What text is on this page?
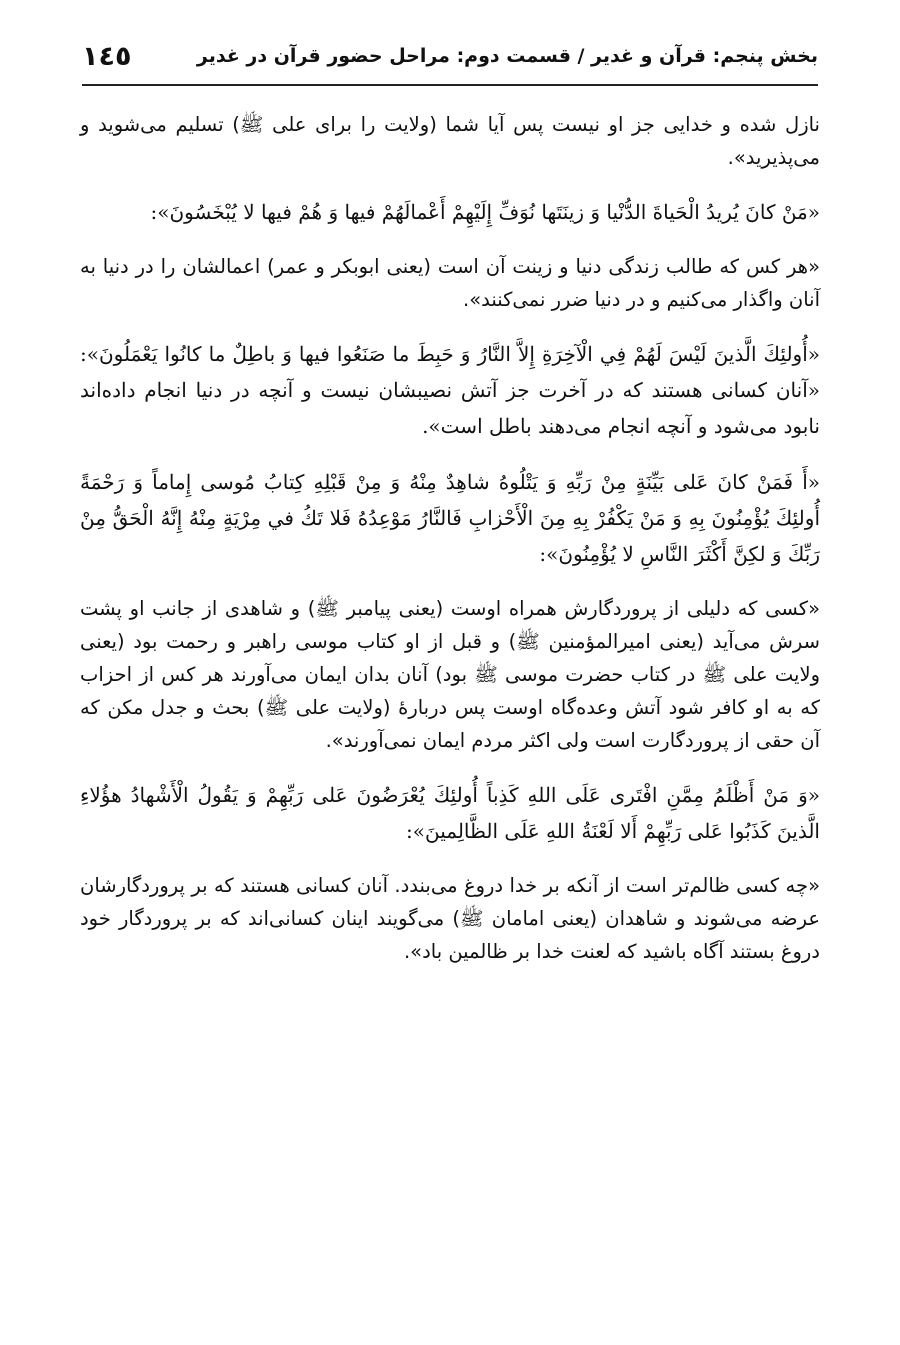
بخش پنجم: قرآن و غدیر / قسمت دوم: مراحل حضور قرآن در غدیر
١٤٥

نازل شده و خدایی جز او نیست پس آیا شما (ولایت را برای علی ﷺ) تسلیم می‌شوید و می‌پذیرید».

«مَنْ كانَ يُريدُ الْحَياةَ الدُّنْيا وَ زينَتَها نُوَفِّ إِلَيْهِمْ أَعْمالَهُمْ فيها وَ هُمْ فيها لا يُبْخَسُونَ»:

«هر کس که طالب زندگی دنیا و زینت آن است (یعنی ابوبکر و عمر) اعمالشان را در دنیا به آنان واگذار می‌کنیم و در دنیا ضرر نمی‌کنند».

«أُولئِكَ الَّذينَ لَيْسَ لَهُمْ فِي الْآخِرَةِ إِلاَّ النَّارُ وَ حَبِطَ ما صَنَعُوا فيها وَ باطِلٌ ما كانُوا يَعْمَلُونَ»: «آنان کسانی هستند که در آخرت جز آتش نصیبشان نیست و آنچه در دنیا انجام داده‌اند نابود می‌شود و آنچه انجام می‌دهند باطل است».

«أَ فَمَنْ كانَ عَلى بَيِّنَةٍ مِنْ رَبِّهِ وَ يَتْلُوهُ شاهِدٌ مِنْهُ وَ مِنْ قَبْلِهِ كِتابُ مُوسى إِماماً وَ رَحْمَةً أُولئِكَ يُؤْمِنُونَ بِهِ وَ مَنْ يَكْفُرْ بِهِ مِنَ الْأَحْزابِ فَالنَّارُ مَوْعِدُهُ فَلا تَكُ في مِرْيَةٍ مِنْهُ إِنَّهُ الْحَقُّ مِنْ رَبِّكَ وَ لكِنَّ أَكْثَرَ النَّاسِ لا يُؤْمِنُونَ»:

«کسی که دلیلی از پروردگارش همراه اوست (یعنی پیامبر ﷺ) و شاهدی از جانب او پشت سرش می‌آید (یعنی امیرالمؤمنین ﷺ) و قبل از او کتاب موسی راهبر و رحمت بود (یعنی ولایت علی ﷺ در کتاب حضرت موسی ﷺ بود) آنان بدان ایمان می‌آورند هر کس از احزاب که به او کافر شود آتش وعده‌گاه اوست پس دربارهٔ (ولایت علی ﷺ) بحث و جدل مکن که آن حقی از پروردگارت است ولی اکثر مردم ایمان نمی‌آورند».

«وَ مَنْ أَظْلَمُ مِمَّنِ افْتَرى عَلَى اللهِ كَذِباً أُولئِكَ يُعْرَضُونَ عَلى رَبِّهِمْ وَ يَقُولُ الْأَشْهادُ هؤُلاءِ الَّذينَ كَذَبُوا عَلى رَبِّهِمْ أَلا لَعْنَةُ اللهِ عَلَى الظَّالِمينَ»:

«چه کسی ظالم‌تر است از آنکه بر خدا دروغ می‌بندد. آنان کسانی هستند که بر پروردگارشان عرضه می‌شوند و شاهدان (یعنی امامان ﷺ) می‌گویند اینان کسانی‌اند که بر پروردگار خود دروغ بستند آگاه باشید که لعنت خدا بر ظالمین باد».
